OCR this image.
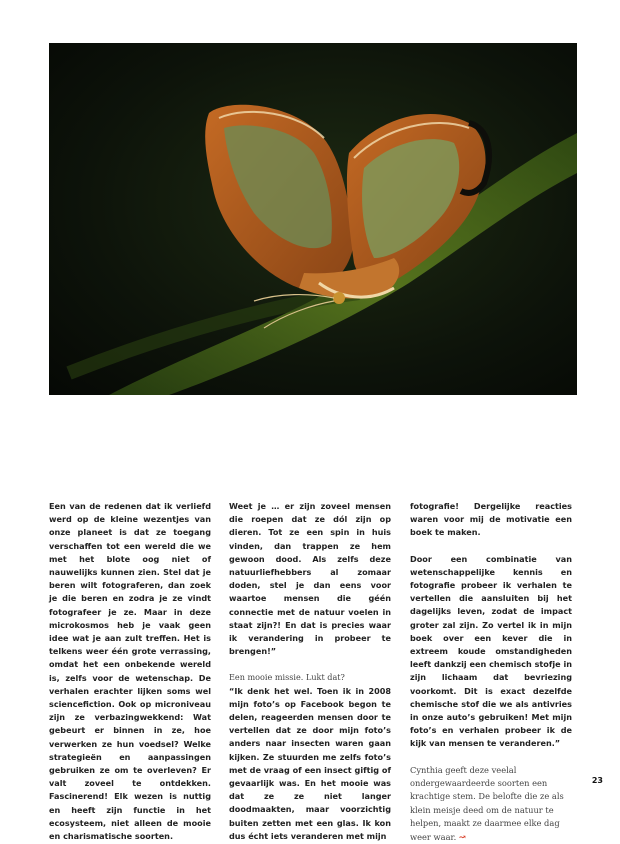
Een van de redenen dat ik verliefd werd op de kleine wezentjes van onze planeet is dat ze toegang verschaffen tot een wereld die we met het blote oog niet of nauwelijks kunnen zien. Stel dat je beren wilt fotograferen, dan zoek je die beren en zodra je ze vindt fotografeer je ze. Maar in deze microkosmos heb je vaak geen idee wat je aan zult treffen. Het is telkens weer één grote verrassing, omdat het een onbekende wereld is, zelfs voor de wetenschap. De verhalen erachter lijken soms wel sciencefiction. Ook op microniveau zijn ze verbazingwekkend: Wat gebeurt er binnen in ze, hoe verwerken ze hun voedsel? Welke strategieën en aanpassingen gebruiken ze om te overleven? Er valt zoveel te ontdekken. Fascinerend! Elk wezen is nuttig en heeft zijn functie in het ecosysteem, niet alleen de mooie en charismatische soorten.

Weet je … er zijn zoveel mensen die roepen dat ze dól zijn op dieren. Tot ze een spin in huis vinden, dan trappen ze hem gewoon dood. Als zelfs deze natuurliefhebbers al zomaar doden, stel je dan eens voor waartoe mensen die géén connectie met de natuur voelen in staat zijn?! En dat is precies waar ik verandering in probeer te brengen!”

Een mooie missie. Lukt dat?

“Ik denk het wel. Toen ik in 2008 mijn foto’s op Facebook begon te delen, reageerden mensen door te vertellen dat ze door mijn foto’s anders naar insecten waren gaan kijken. Ze stuurden me zelfs foto’s met de vraag of een insect giftig of gevaarlijk was. En het mooie was dat ze ze niet langer doodmaakten, maar voorzichtig buiten zetten met een glas. Ik kon dus écht iets veranderen met mijn

fotografie! Dergelijke reacties waren voor mij de motivatie een boek te maken.

Door een combinatie van wetenschappelijke kennis en fotografie probeer ik verhalen te vertellen die aansluiten bij het dagelijks leven, zodat de impact groter zal zijn. Zo vertel ik in mijn boek over een kever die in extreem koude omstandigheden leeft dankzij een chemisch stofje in zijn lichaam dat bevriezing voorkomt. Dit is exact dezelfde chemische stof die we als antivries in onze auto’s gebruiken! Met mijn foto’s en verhalen probeer ik de kijk van mensen te veranderen.”

Cynthia geeft deze veelal ondergewaardeerde soorten een krachtige stem. De belofte die ze als klein meisje deed om de natuur te helpen, maakt ze daarmee elke dag weer waar. ↝

23
